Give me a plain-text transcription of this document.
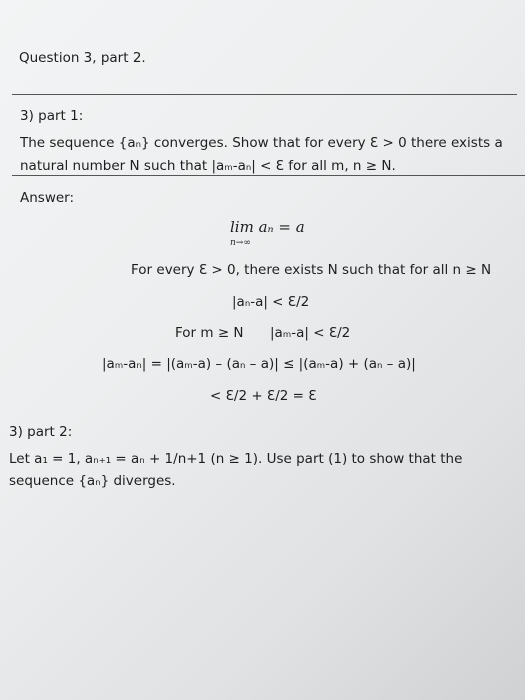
Question 3, part 2.
3) part 1:
The sequence {aₙ} converges. Show that for every Ɛ > 0 there exists a
natural number N such that |aₘ-aₙ| < Ɛ for all m, n ≥ N.
Answer:
lim aₙ = a
n→∞
For every Ɛ > 0, there exists N such that for all n ≥ N
|aₙ-a| < Ɛ/2
For m ≥ N |aₘ-a| < Ɛ/2
|aₘ-aₙ| = |(aₘ-a) – (aₙ – a)| ≤ |(aₘ-a) + (aₙ – a)|
< Ɛ/2 + Ɛ/2 = Ɛ
3) part 2:
Let a₁ = 1, aₙ₊₁ = aₙ + 1/n+1 (n ≥ 1). Use part (1) to show that the
sequence {aₙ} diverges.
